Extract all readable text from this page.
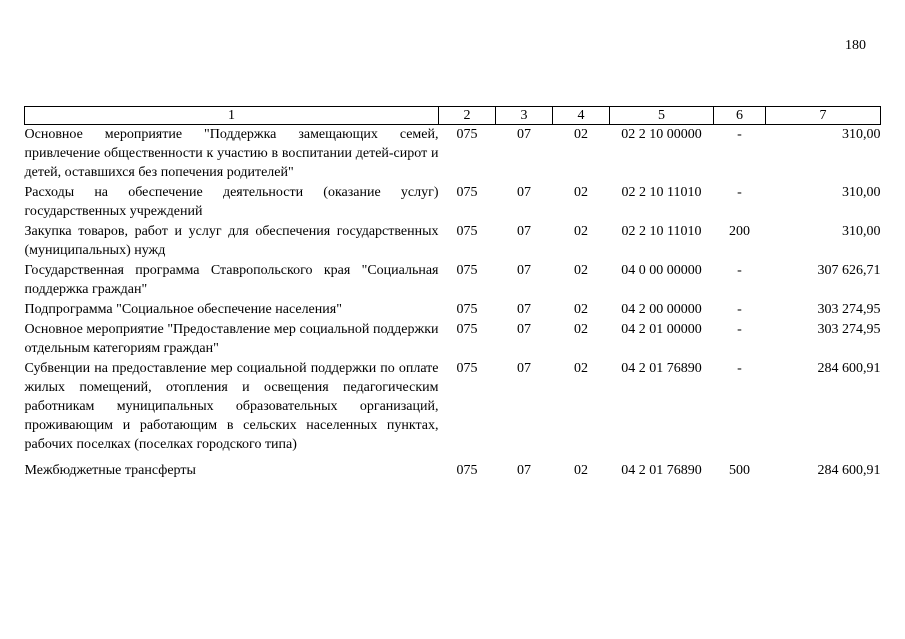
180
1	2	3	4	5	6	7
Основное мероприятие "Поддержка замещающих семей, привлечение общественности к участию в воспитании детей-сирот и детей, оставшихся без попечения родителей"	075	07	02	02 2 10 00000	-	310,00
Расходы на обеспечение деятельности (оказание услуг) государственных учреждений	075	07	02	02 2 10 11010	-	310,00
Закупка товаров, работ и услуг для обеспечения государственных (муниципальных) нужд	075	07	02	02 2 10 11010	200	310,00
Государственная программа Ставропольского края "Социальная поддержка граждан"	075	07	02	04 0 00 00000	-	307 626,71
Подпрограмма "Социальное обеспечение населения"	075	07	02	04 2 00 00000	-	303 274,95
Основное мероприятие "Предоставление мер социальной поддержки отдельным категориям граждан"	075	07	02	04 2 01 00000	-	303 274,95
Субвенции на предоставление мер социальной поддержки по оплате жилых помещений, отопления и освещения педагогическим работникам муниципальных образовательных организаций, проживающим и работающим в сельских населенных пунктах, рабочих поселках (поселках городского типа)	075	07	02	04 2 01 76890	-	284 600,91
Межбюджетные трансферты	075	07	02	04 2 01 76890	500	284 600,91
